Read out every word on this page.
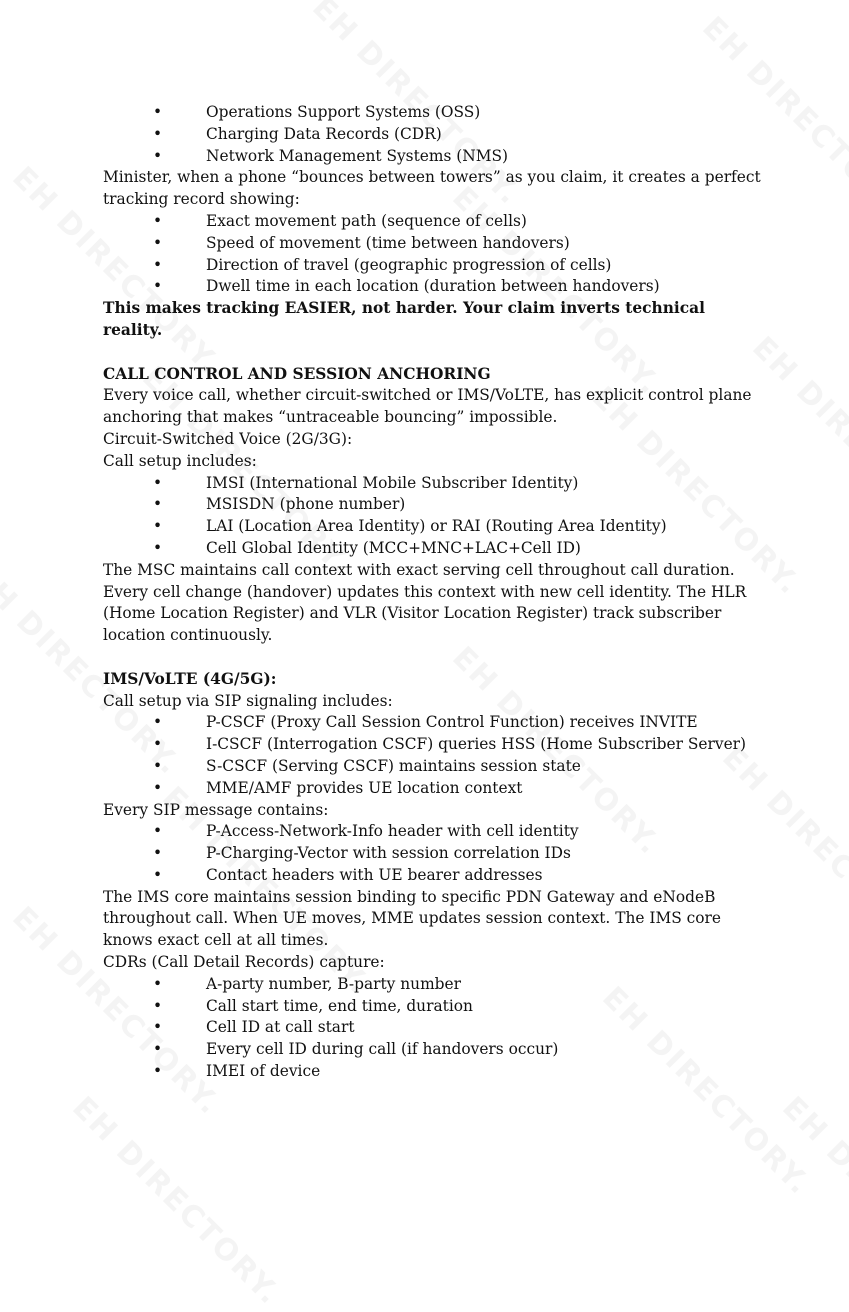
•	Operations Support Systems (OSS)
•	Charging Data Records (CDR)
•	Network Management Systems (NMS)

Minister, when a phone “bounces between towers” as you claim, it creates a perfect tracking record showing:

•	Exact movement path (sequence of cells)
•	Speed of movement (time between handovers)
•	Direction of travel (geographic progression of cells)
•	Dwell time in each location (duration between handovers)

This makes tracking EASIER, not harder. Your claim inverts technical reality.

CALL CONTROL AND SESSION ANCHORING

Every voice call, whether circuit-switched or IMS/VoLTE, has explicit control plane anchoring that makes “untraceable bouncing” impossible.

Circuit-Switched Voice (2G/3G):

Call setup includes:

•	IMSI (International Mobile Subscriber Identity)
•	MSISDN (phone number)
•	LAI (Location Area Identity) or RAI (Routing Area Identity)
•	Cell Global Identity (MCC+MNC+LAC+Cell ID)

The MSC maintains call context with exact serving cell throughout call duration. Every cell change (handover) updates this context with new cell identity. The HLR (Home Location Register) and VLR (Visitor Location Register) track subscriber location continuously.

IMS/VoLTE (4G/5G):

Call setup via SIP signaling includes:

•	P-CSCF (Proxy Call Session Control Function) receives INVITE
•	I-CSCF (Interrogation CSCF) queries HSS (Home Subscriber Server)
•	S-CSCF (Serving CSCF) maintains session state
•	MME/AMF provides UE location context

Every SIP message contains:

•	P-Access-Network-Info header with cell identity
•	P-Charging-Vector with session correlation IDs
•	Contact headers with UE bearer addresses

The IMS core maintains session binding to specific PDN Gateway and eNodeB throughout call. When UE moves, MME updates session context. The IMS core knows exact cell at all times.

CDRs (Call Detail Records) capture:

•	A-party number, B-party number
•	Call start time, end time, duration
•	Cell ID at call start
•	Every cell ID during call (if handovers occur)
•	IMEI of device
